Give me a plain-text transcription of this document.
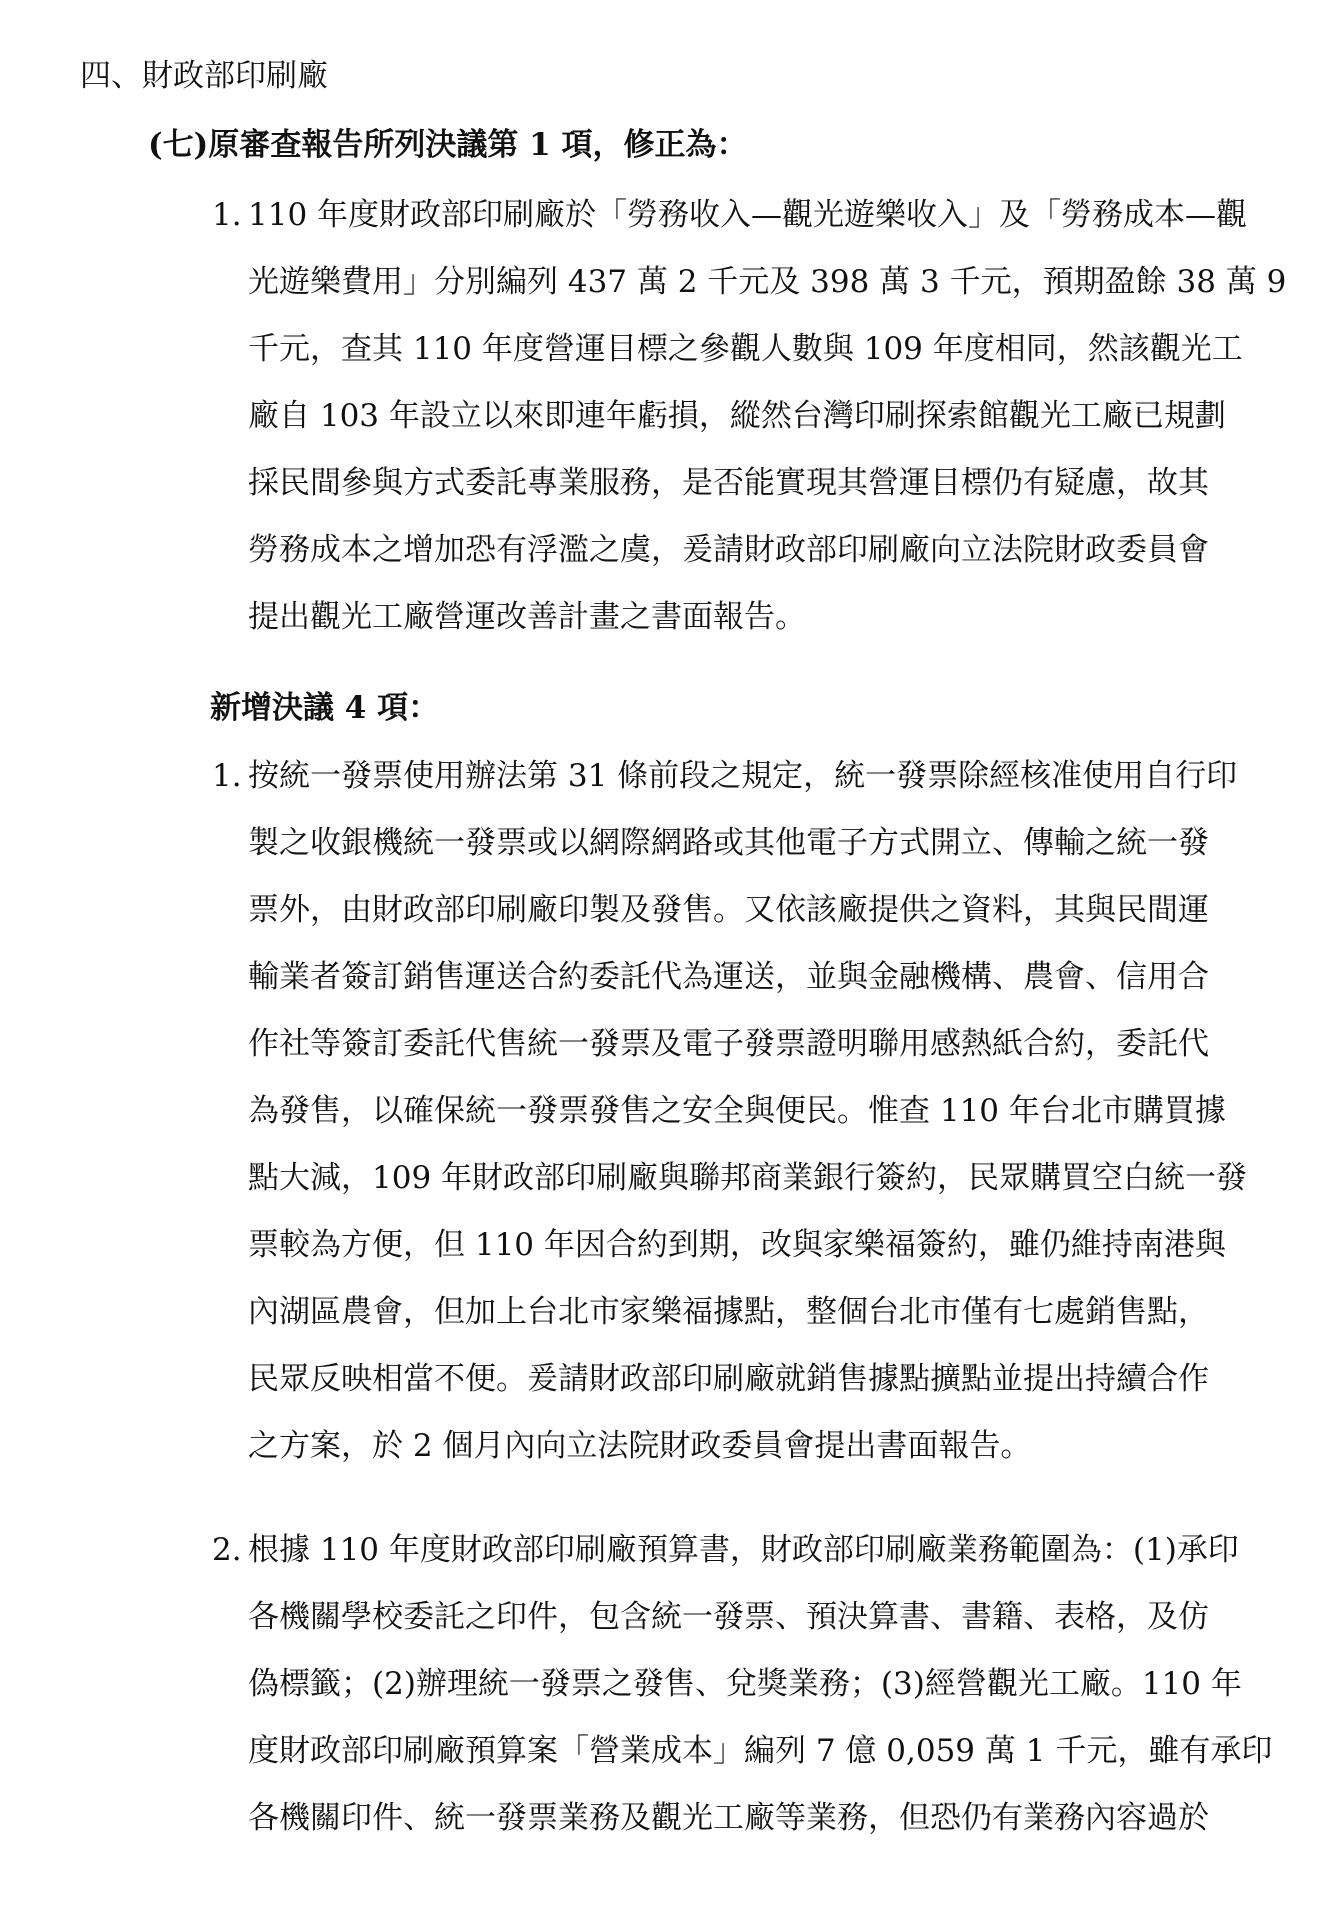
四、財政部印刷廠
(七)原審查報告所列決議第 1 項，修正為：
1. 110 年度財政部印刷廠於「勞務收入—觀光遊樂收入」及「勞務成本—觀
光遊樂費用」分別編列 437 萬 2 千元及 398 萬 3 千元，預期盈餘 38 萬 9
千元，查其 110 年度營運目標之參觀人數與 109 年度相同，然該觀光工
廠自 103 年設立以來即連年虧損，縱然台灣印刷探索館觀光工廠已規劃
採民間參與方式委託專業服務，是否能實現其營運目標仍有疑慮，故其
勞務成本之增加恐有浮濫之虞，爰請財政部印刷廠向立法院財政委員會
提出觀光工廠營運改善計畫之書面報告。
新增決議 4 項：
1. 按統一發票使用辦法第 31 條前段之規定，統一發票除經核准使用自行印
製之收銀機統一發票或以網際網路或其他電子方式開立、傳輸之統一發
票外，由財政部印刷廠印製及發售。又依該廠提供之資料，其與民間運
輸業者簽訂銷售運送合約委託代為運送，並與金融機構、農會、信用合
作社等簽訂委託代售統一發票及電子發票證明聯用感熱紙合約，委託代
為發售，以確保統一發票發售之安全與便民。惟查 110 年台北市購買據
點大減，109 年財政部印刷廠與聯邦商業銀行簽約，民眾購買空白統一發
票較為方便，但 110 年因合約到期，改與家樂福簽約，雖仍維持南港與
內湖區農會，但加上台北市家樂福據點，整個台北市僅有七處銷售點，
民眾反映相當不便。爰請財政部印刷廠就銷售據點擴點並提出持續合作
之方案，於 2 個月內向立法院財政委員會提出書面報告。
2. 根據 110 年度財政部印刷廠預算書，財政部印刷廠業務範圍為：(1)承印
各機關學校委託之印件，包含統一發票、預決算書、書籍、表格，及仿
偽標籤；(2)辦理統一發票之發售、兌獎業務；(3)經營觀光工廠。110 年
度財政部印刷廠預算案「營業成本」編列 7 億 0,059 萬 1 千元，雖有承印
各機關印件、統一發票業務及觀光工廠等業務，但恐仍有業務內容過於
